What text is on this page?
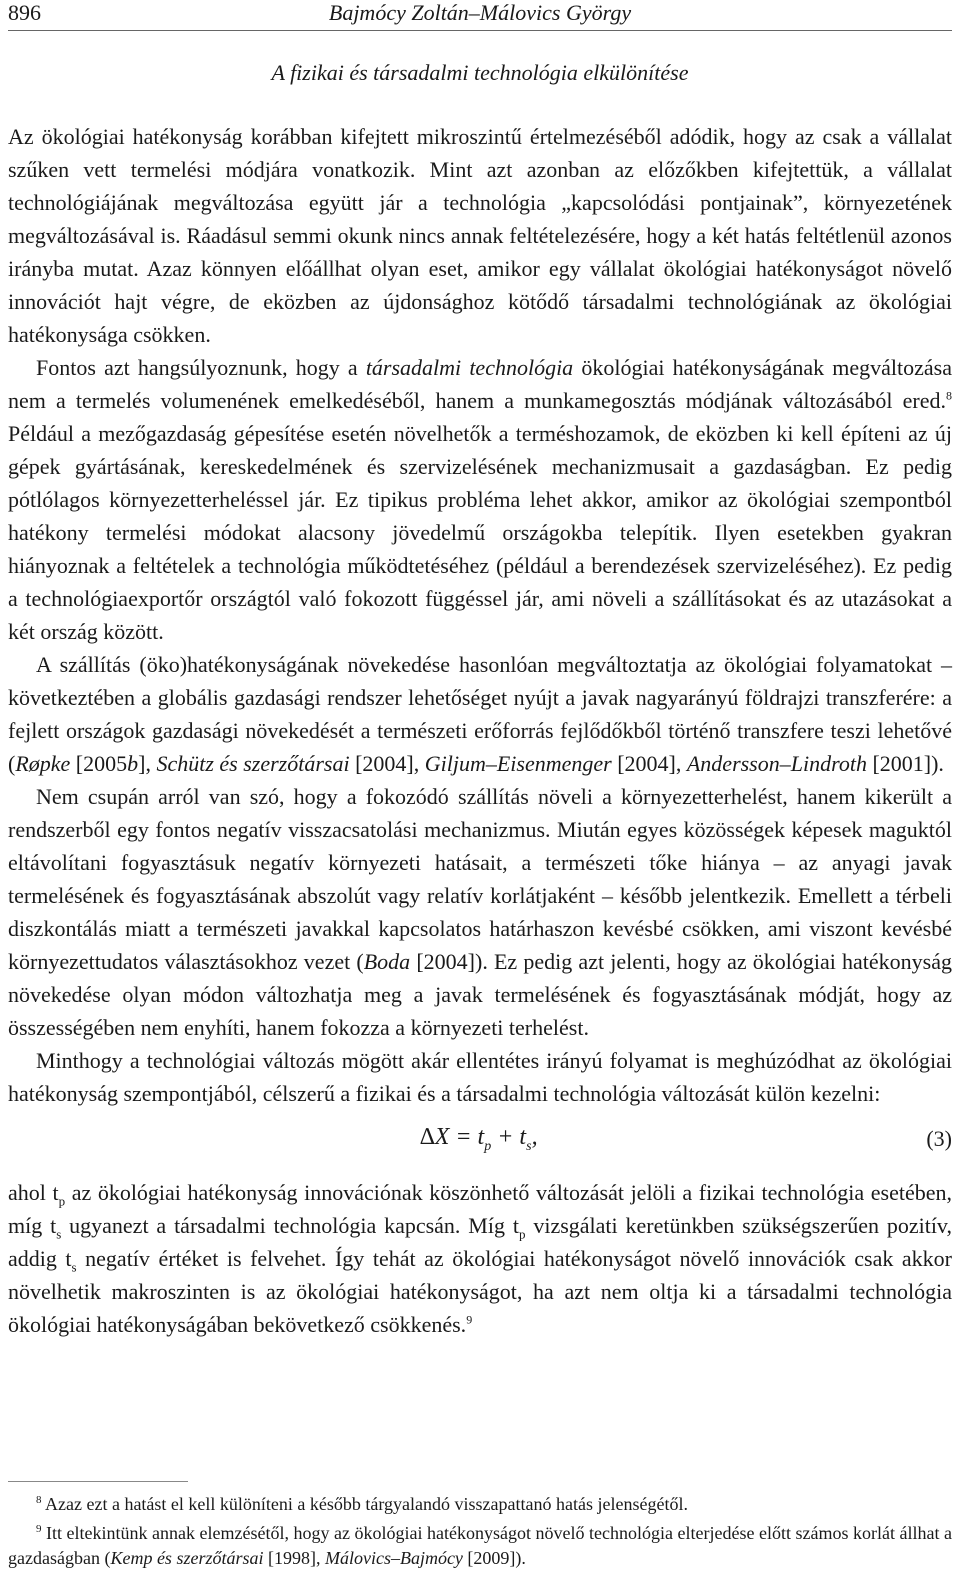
896	Bajmócy Zoltán–Málovics György
A fizikai és társadalmi technológia elkülönítése

Az ökológiai hatékonyság korábban kifejtett mikroszintű értelmezéséből adódik, hogy az csak a vállalat szűken vett termelési módjára vonatkozik. Mint azt azonban az előzőkben kifejtettük, a vállalat technológiájának megváltozása együtt jár a technológia „kapcsolódási pontjainak”, környezetének megváltozásával is. Ráadásul semmi okunk nincs annak feltételezésére, hogy a két hatás feltétlenül azonos irányba mutat. Azaz könnyen előállhat olyan eset, amikor egy vállalat ökológiai hatékonyságot növelő innovációt hajt végre, de eközben az újdonsághoz kötődő társadalmi technológiának az ökológiai hatékonysága csökken.

Fontos azt hangsúlyoznunk, hogy a társadalmi technológia ökológiai hatékonyságának megváltozása nem a termelés volumenének emelkedéséből, hanem a munkamegosztás módjának változásából ered.$^8$ Például a mezőgazdaság gépesítése esetén növelhetők a terméshozamok, de eközben ki kell építeni az új gépek gyártásának, kereskedelmének és szervizelésének mechanizmusait a gazdaságban. Ez pedig pótlólagos környezetterheléssel jár. Ez tipikus probléma lehet akkor, amikor az ökológiai szempontból hatékony termelési módokat alacsony jövedelmű országokba telepítik. Ilyen esetekben gyakran hiányoznak a feltételek a technológia működtetéséhez (például a berendezések szervizeléséhez). Ez pedig a technológiaexportőr országtól való fokozott függéssel jár, ami növeli a szállításokat és az utazásokat a két ország között.

A szállítás (öko)hatékonyságának növekedése hasonlóan megváltoztatja az ökológiai folyamatokat – következtében a globális gazdasági rendszer lehetőséget nyújt a javak nagyarányú földrajzi transzferére: a fejlett országok gazdasági növekedését a természeti erőforrás fejlődőkből történő transzfere teszi lehetővé (Røpke [2005b], Schütz és szerzőtársai [2004], Giljum–Eisenmenger [2004], Andersson–Lindroth [2001]).

Nem csupán arról van szó, hogy a fokozódó szállítás növeli a környezetterhelést, hanem kikerült a rendszerből egy fontos negatív visszacsatolási mechanizmus. Miután egyes közösségek képesek maguktól eltávolítani fogyasztásuk negatív környezeti hatásait, a természeti tőke hiánya – az anyagi javak termelésének és fogyasztásának abszolút vagy relatív korlátjaként – később jelentkezik. Emellett a térbeli diszkontálás miatt a természeti javakkal kapcsolatos határhaszon kevésbé csökken, ami viszont kevésbé környezettudatos választásokhoz vezet (Boda [2004]). Ez pedig azt jelenti, hogy az ökológiai hatékonyság növekedése olyan módon változhatja meg a javak termelésének és fogyasztásának módját, hogy az összességében nem enyhíti, hanem fokozza a környezeti terhelést.

Minthogy a technológiai változás mögött akár ellentétes irányú folyamat is meghúzódhat az ökológiai hatékonyság szempontjából, célszerű a fizikai és a társadalmi technológia változását külön kezelni:

$\Delta X = t_p + t_s$,	(3)

ahol $t_p$ az ökológiai hatékonyság innovációnak köszönhető változását jelöli a fizikai technológia esetében, míg $t_s$ ugyanezt a társadalmi technológia kapcsán. Míg $t_p$ vizsgálati keretünkben szükségszerűen pozitív, addig $t_s$ negatív értéket is felvehet. Így tehát az ökológiai hatékonyságot növelő innovációk csak akkor növelhetik makroszinten is az ökológiai hatékonyságot, ha azt nem oltja ki a társadalmi technológia ökológiai hatékonyságában bekövetkező csökkenés.$^9$

$^8$ Azaz ezt a hatást el kell különíteni a később tárgyalandó visszapattanó hatás jelenségétől.

$^9$ Itt eltekintünk annak elemzésétől, hogy az ökológiai hatékonyságot növelő technológia elterjedése előtt számos korlát állhat a gazdaságban (Kemp és szerzőtársai [1998], Málovics–Bajmócy [2009]).
